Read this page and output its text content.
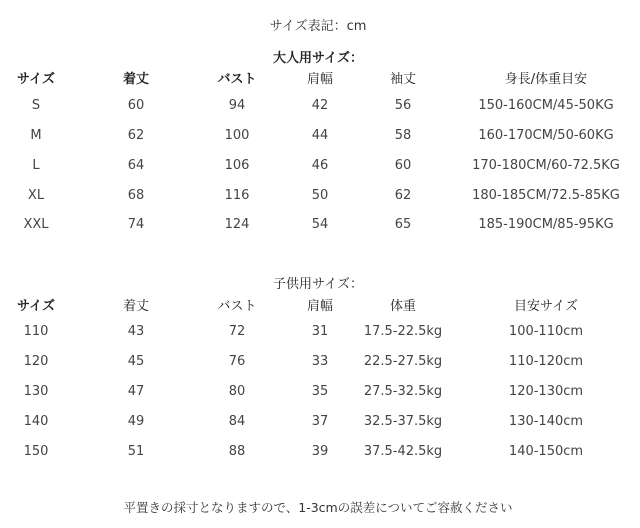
サイズ表記：cm
大人用サイズ：
サイズ	着丈	バスト	肩幅	袖丈	身長/体重目安
S	60	94	42	56	150-160CM/45-50KG
M	62	100	44	58	160-170CM/50-60KG
L	64	106	46	60	170-180CM/60-72.5KG
XL	68	116	50	62	180-185CM/72.5-85KG
XXL	74	124	54	65	185-190CM/85-95KG
子供用サイズ：
サイズ	着丈	バスト	肩幅	体重	目安サイズ
110	43	72	31	17.5-22.5kg	100-110cm
120	45	76	33	22.5-27.5kg	110-120cm
130	47	80	35	27.5-32.5kg	120-130cm
140	49	84	37	32.5-37.5kg	130-140cm
150	51	88	39	37.5-42.5kg	140-150cm
平置きの採寸となりますので、1-3cmの誤差についてご容赦ください
